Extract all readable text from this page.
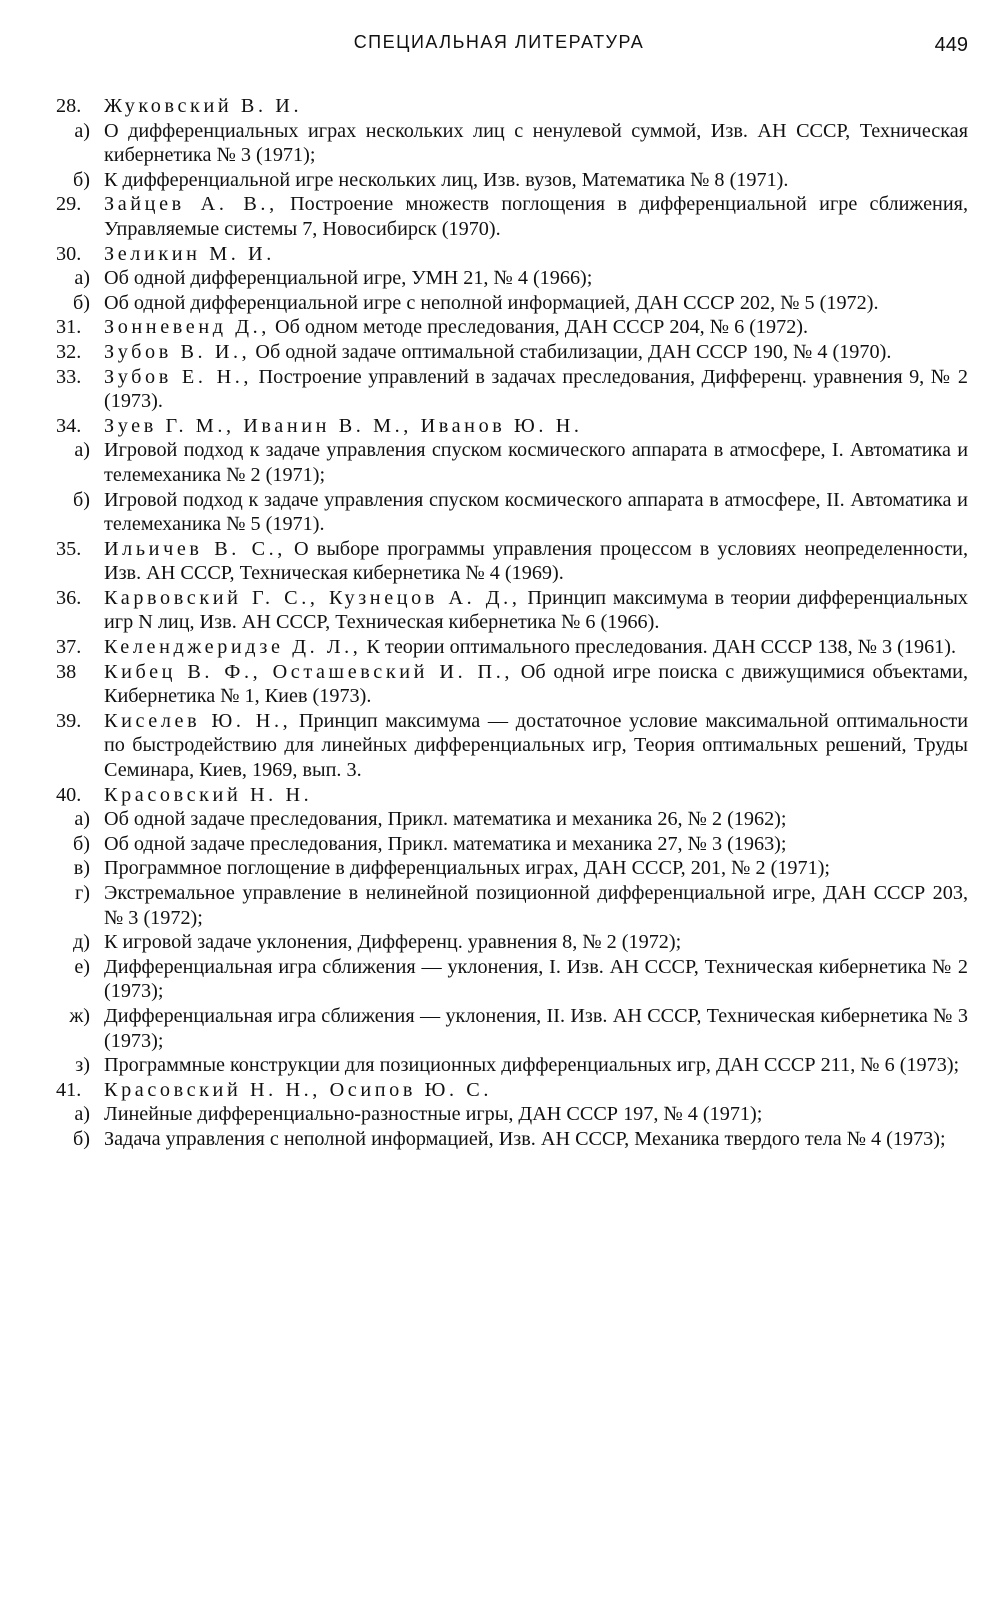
СПЕЦИАЛЬНАЯ ЛИТЕРАТУРА	449
28. Жуковский В. И.
а) О дифференциальных играх нескольких лиц с ненулевой суммой, Изв. АН СССР, Техническая кибернетика № 3 (1971);
б) К дифференциальной игре нескольких лиц, Изв. вузов, Математика № 8 (1971).
29. Зайцев А. В., Построение множеств поглощения в дифференциальной игре сближения, Управляемые системы 7, Новосибирск (1970).
30. Зеликин М. И.
а) Об одной дифференциальной игре, УМН 21, № 4 (1966);
б) Об одной дифференциальной игре с неполной информацией, ДАН СССР 202, № 5 (1972).
31. Зонневенд Д., Об одном методе преследования, ДАН СССР 204, № 6 (1972).
32. Зубов В. И., Об одной задаче оптимальной стабилизации, ДАН СССР 190, № 4 (1970).
33. Зубов Е. Н., Построение управлений в задачах преследования, Дифференц. уравнения 9, № 2 (1973).
34. Зуев Г. М., Иванин В. М., Иванов Ю. Н.
а) Игровой подход к задаче управления спуском космического аппарата в атмосфере, I. Автоматика и телемеханика № 2 (1971);
б) Игровой подход к задаче управления спуском космического аппарата в атмосфере, II. Автоматика и телемеханика № 5 (1971).
35. Ильичев В. С., О выборе программы управления процессом в условиях неопределенности, Изв. АН СССР, Техническая кибернетика № 4 (1969).
36. Карвовский Г. С., Кузнецов А. Д., Принцип максимума в теории дифференциальных игр N лиц, Изв. АН СССР, Техническая кибернетика № 6 (1966).
37. Келенджеридзе Д. Л., К теории оптимального преследования. ДАН СССР 138, № 3 (1961).
38 Кибец В. Ф., Осташевский И. П., Об одной игре поиска с движущимися объектами, Кибернетика № 1, Киев (1973).
39. Киселев Ю. Н., Принцип максимума — достаточное условие максимальной оптимальности по быстродействию для линейных дифференциальных игр, Теория оптимальных решений, Труды Семинара, Киев, 1969, вып. 3.
40. Красовский Н. Н.
а) Об одной задаче преследования, Прикл. математика и механика 26, № 2 (1962);
б) Об одной задаче преследования, Прикл. математика и механика 27, № 3 (1963);
в) Программное поглощение в дифференциальных играх, ДАН СССР, 201, № 2 (1971);
г) Экстремальное управление в нелинейной позиционной дифференциальной игре, ДАН СССР 203, № 3 (1972);
д) К игровой задаче уклонения, Дифференц. уравнения 8, № 2 (1972);
е) Дифференциальная игра сближения — уклонения, I. Изв. АН СССР, Техническая кибернетика № 2 (1973);
ж) Дифференциальная игра сближения — уклонения, II. Изв. АН СССР, Техническая кибернетика № 3 (1973);
з) Программные конструкции для позиционных дифференциальных игр, ДАН СССР 211, № 6 (1973);
41. Красовский Н. Н., Осипов Ю. С.
а) Линейные дифференциально-разностные игры, ДАН СССР 197, № 4 (1971);
б) Задача управления с неполной информацией, Изв. АН СССР, Механика твердого тела № 4 (1973);
